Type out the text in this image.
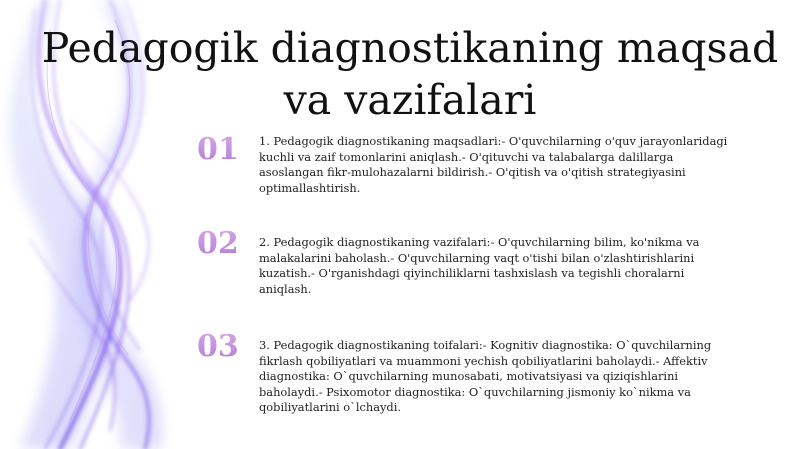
Pedagogik diagnostikaning maqsad va vazifalari
01 1. Pedagogik diagnostikaning maqsadlari:- O'quvchilarning o'quv jarayonlaridagi kuchli va zaif tomonlarini aniqlash.- O'qituvchi va talabalarga dalillarga asoslangan fikr-mulohazalarni bildirish.- O'qitish va o'qitish strategiyasini optimallashtirish.

02 2. Pedagogik diagnostikaning vazifalari:- O'quvchilarning bilim, ko'nikma va malakalarini baholash.- O'quvchilarning vaqt o'tishi bilan o'zlashtirishlarini kuzatish.- O'rganishdagi qiyinchiliklarni tashxislash va tegishli choralarni aniqlash.

03 3. Pedagogik diagnostikaning toifalari:- Kognitiv diagnostika: O`quvchilarning fikrlash qobiliyatlari va muammoni yechish qobiliyatlarini baholaydi.- Affektiv diagnostika: O`quvchilarning munosabati, motivatsiyasi va qiziqishlarini baholaydi.- Psixomotor diagnostika: O`quvchilarning jismoniy ko`nikma va qobiliyatlarini o`lchaydi.
